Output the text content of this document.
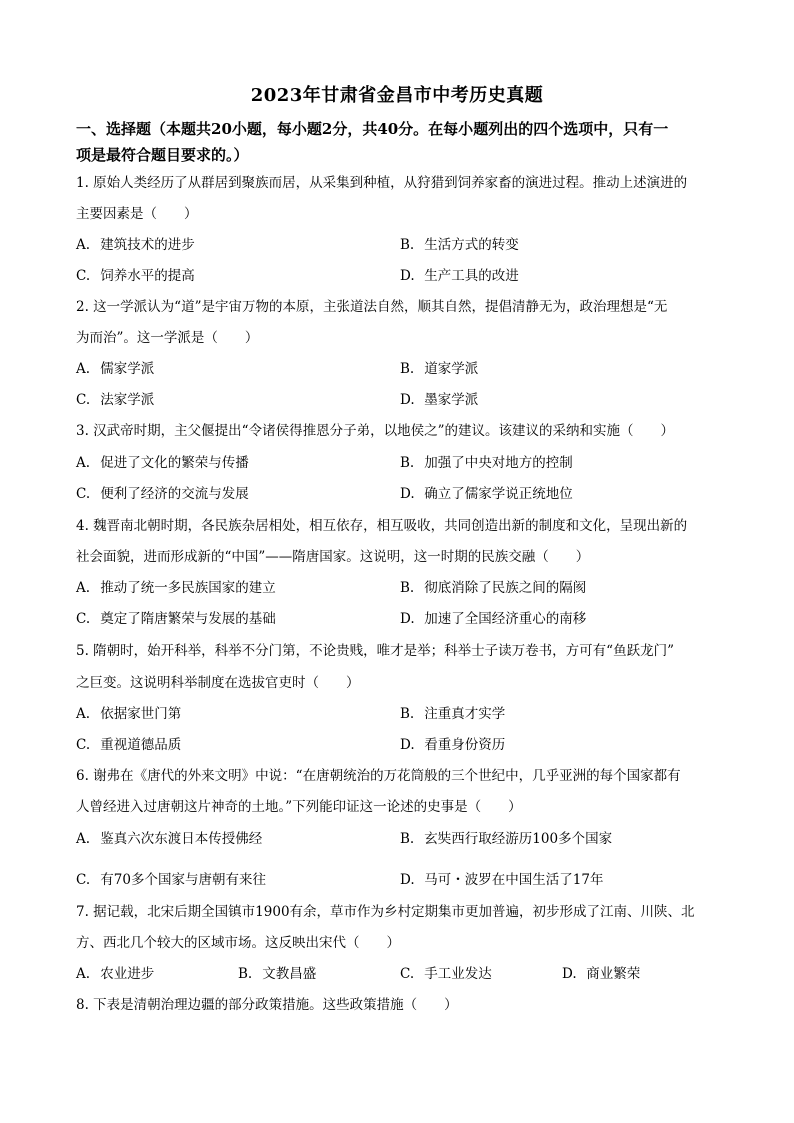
2023年甘肃省金昌市中考历史真题
一、选择题（本题共20小题，每小题2分，共40分。在每小题列出的四个选项中，只有一
项是最符合题目要求的。）
1. 原始人类经历了从群居到聚族而居，从采集到种植，从狩猎到饲养家畜的演进过程。推动上述演进的
主要因素是（　　）
A. 建筑技术的进步	B. 生活方式的转变
C. 饲养水平的提高	D. 生产工具的改进
2. 这一学派认为“道”是宇宙万物的本原，主张道法自然，顺其自然，提倡清静无为，政治理想是“无
为而治”。这一学派是（　　）
A. 儒家学派	B. 道家学派
C. 法家学派	D. 墨家学派
3. 汉武帝时期，主父偃提出“令诸侯得推恩分子弟，以地侯之”的建议。该建议的采纳和实施（　　）
A. 促进了文化的繁荣与传播	B. 加强了中央对地方的控制
C. 便利了经济的交流与发展	D. 确立了儒家学说正统地位
4. 魏晋南北朝时期，各民族杂居相处，相互依存，相互吸收，共同创造出新的制度和文化，呈现出新的
社会面貌，进而形成新的“中国”——隋唐国家。这说明，这一时期的民族交融（　　）
A. 推动了统一多民族国家的建立	B. 彻底消除了民族之间的隔阂
C. 奠定了隋唐繁荣与发展的基础	D. 加速了全国经济重心的南移
5. 隋朝时，始开科举，科举不分门第，不论贵贱，唯才是举；科举士子读万卷书，方可有“鱼跃龙门”
之巨变。这说明科举制度在选拔官吏时（　　）
A. 依据家世门第	B. 注重真才实学
C. 重视道德品质	D. 看重身份资历
6. 谢弗在《唐代的外来文明》中说：“在唐朝统治的万花筒般的三个世纪中，几乎亚洲的每个国家都有
人曾经进入过唐朝这片神奇的土地。”下列能印证这一论述的史事是（　　）
A. 鉴真六次东渡日本传授佛经	B. 玄奘西行取经游历100多个国家
C. 有70多个国家与唐朝有来往	D. 马可・波罗在中国生活了17年
7. 据记载，北宋后期全国镇市1900有余，草市作为乡村定期集市更加普遍，初步形成了江南、川陕、北
方、西北几个较大的区域市场。这反映出宋代（　　）
A. 农业进步	B. 文教昌盛	C. 手工业发达	D. 商业繁荣
8. 下表是清朝治理边疆的部分政策措施。这些政策措施（　　）
